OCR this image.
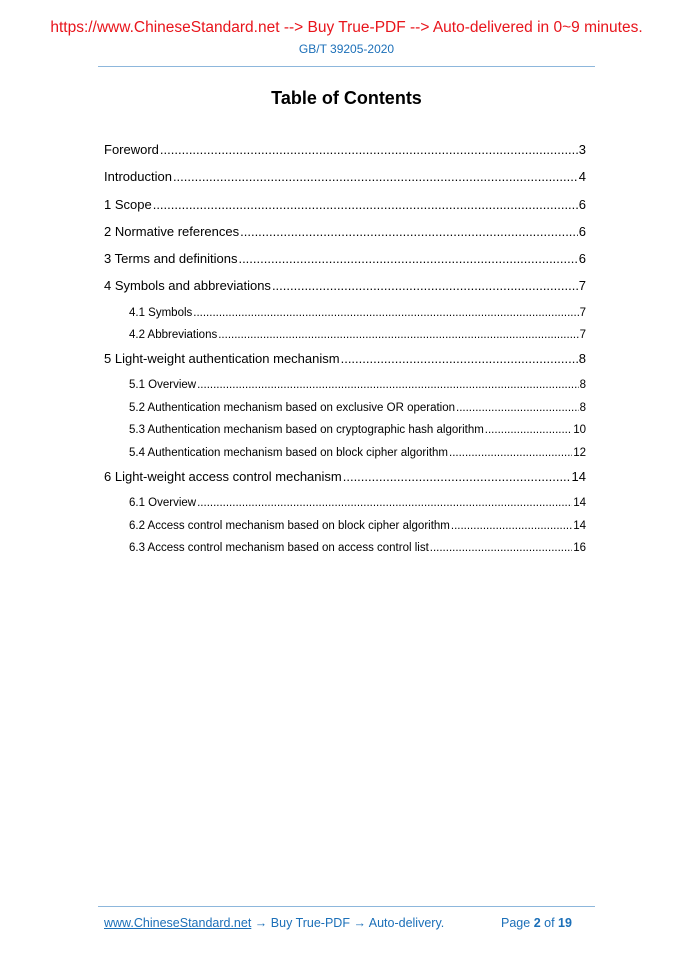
https://www.ChineseStandard.net --> Buy True-PDF --> Auto-delivered in 0~9 minutes.
GB/T 39205-2020
Table of Contents
Foreword .....	3
Introduction .....	4
1 Scope .....	6
2 Normative references .....	6
3 Terms and definitions .....	6
4 Symbols and abbreviations .....	7
4.1 Symbols .....	7
4.2 Abbreviations .....	7
5 Light-weight authentication mechanism .....	8
5.1 Overview .....	8
5.2 Authentication mechanism based on exclusive OR operation .....	8
5.3 Authentication mechanism based on cryptographic hash algorithm .....	10
5.4 Authentication mechanism based on block cipher algorithm .....	12
6 Light-weight access control mechanism .....	14
6.1 Overview .....	14
6.2 Access control mechanism based on block cipher algorithm .....	14
6.3 Access control mechanism based on access control list .....	16
www.ChineseStandard.net → Buy True-PDF → Auto-delivery.	Page 2 of 19
